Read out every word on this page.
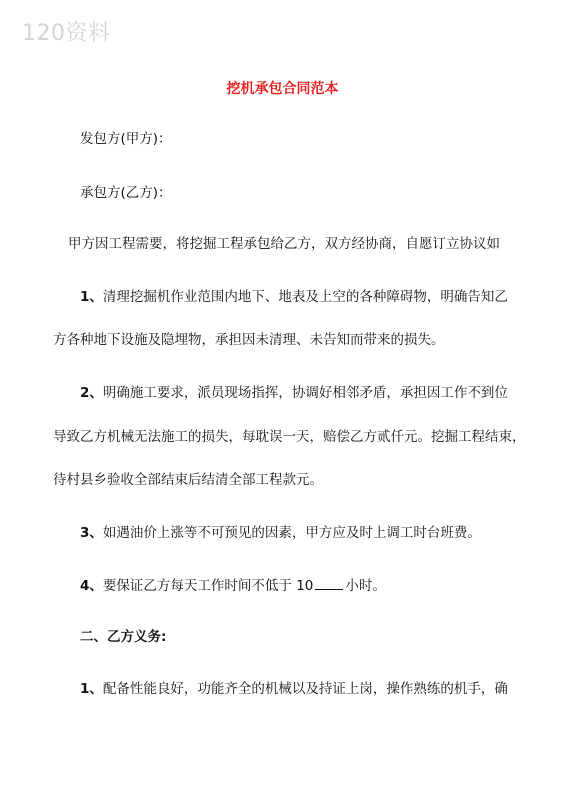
120资料
挖机承包合同范本
发包方(甲方)：
承包方(乙方)：
甲方因工程需要，将挖掘工程承包给乙方，双方经协商，自愿订立协议如
1、清理挖掘机作业范围内地下、地表及上空的各种障碍物，明确告知乙
方各种地下设施及隐埋物，承担因未清理、未告知而带来的损失。
2、明确施工要求，派员现场指挥，协调好相邻矛盾，承担因工作不到位
导致乙方机械无法施工的损失，每耽误一天，赔偿乙方贰仟元。挖掘工程结束，
待村县乡验收全部结束后结清全部工程款元。
3、如遇油价上涨等不可预见的因素，甲方应及时上调工时台班费。
4、要保证乙方每天工作时间不低于 10 小时。
二、乙方义务:
1、配备性能良好，功能齐全的机械以及持证上岗，操作熟练的机手，确
